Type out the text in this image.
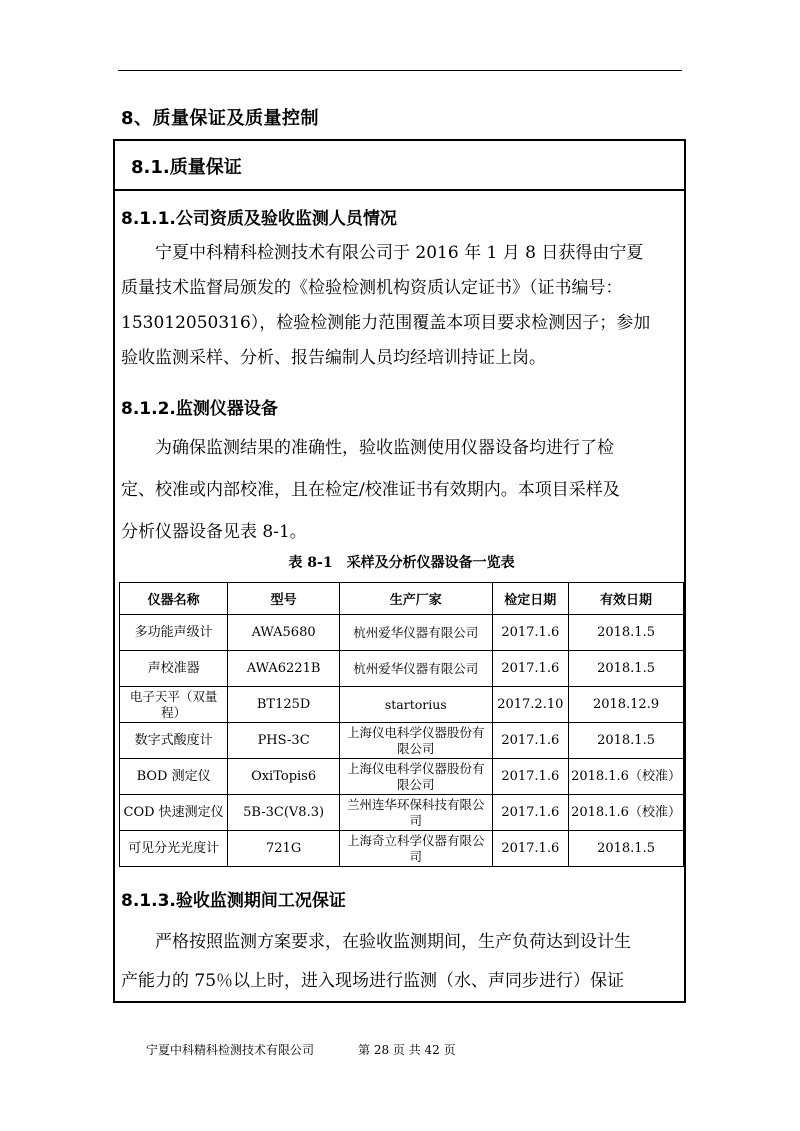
8、质量保证及质量控制
8.1.质量保证
8.1.1.公司资质及验收监测人员情况
　　宁夏中科精科检测技术有限公司于 2016 年 1 月 8 日获得由宁夏
质量技术监督局颁发的《检验检测机构资质认定证书》（证书编号：
153012050316），检验检测能力范围覆盖本项目要求检测因子；参加
验收监测采样、分析、报告编制人员均经培训持证上岗。
8.1.2.监测仪器设备
　　为确保监测结果的准确性，验收监测使用仪器设备均进行了检
定、校准或内部校准，且在检定/校准证书有效期内。本项目采样及
分析仪器设备见表 8-1。
表 8-1　采样及分析仪器设备一览表
仪器名称	型号	生产厂家	检定日期	有效日期
多功能声级计	AWA5680	杭州爱华仪器有限公司	2017.1.6	2018.1.5
声校准器	AWA6221B	杭州爱华仪器有限公司	2017.1.6	2018.1.5
电子天平（双量程）	BT125D	startorius	2017.2.10	2018.12.9
数字式酸度计	PHS-3C	上海仪电科学仪器股份有限公司	2017.1.6	2018.1.5
BOD 测定仪	OxiTopis6	上海仪电科学仪器股份有限公司	2017.1.6	2018.1.6（校准）
COD 快速测定仪	5B-3C(V8.3)	兰州连华环保科技有限公司	2017.1.6	2018.1.6（校准）
可见分光光度计	721G	上海奇立科学仪器有限公司	2017.1.6	2018.1.5
8.1.3.验收监测期间工况保证
　　严格按照监测方案要求，在验收监测期间，生产负荷达到设计生
产能力的 75％以上时，进入现场进行监测（水、声同步进行）保证
宁夏中科精科检测技术有限公司	第 28 页 共 42 页
